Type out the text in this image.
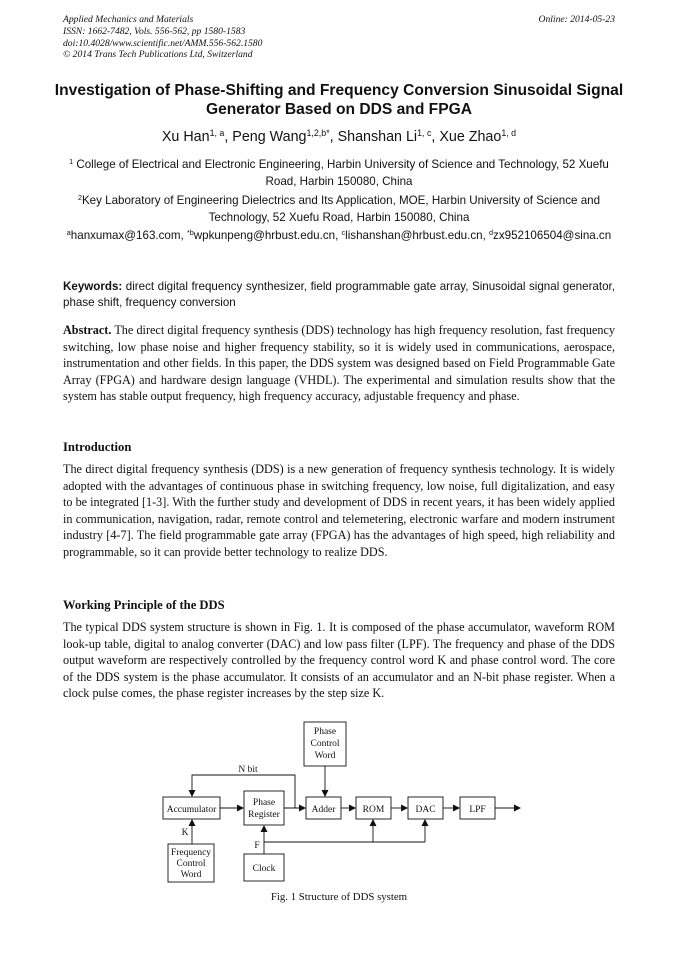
Applied Mechanics and Materials
ISSN: 1662-7482, Vols. 556-562, pp 1580-1583
doi:10.4028/www.scientific.net/AMM.556-562.1580
© 2014 Trans Tech Publications Ltd, Switzerland
Online: 2014-05-23
Investigation of Phase-Shifting and Frequency Conversion Sinusoidal Signal Generator Based on DDS and FPGA
Xu Han$^{1, a}$, Peng Wang$^{1,2,b*}$, Shanshan Li$^{1, c}$, Xue Zhao$^{1, d}$
$^1$ College of Electrical and Electronic Engineering, Harbin University of Science and Technology, 52 Xuefu Road, Harbin 150080, China
$^2$Key Laboratory of Engineering Dielectrics and Its Application, MOE, Harbin University of Science and Technology, 52 Xuefu Road, Harbin 150080, China
$^a$hanxumax@163.com, $^{*b}$wpkunpeng@hrbust.edu.cn, $^c$lishanshan@hrbust.edu.cn, $^d$zx952106504@sina.cn
Keywords: direct digital frequency synthesizer, field programmable gate array, Sinusoidal signal generator, phase shift, frequency conversion
Abstract. The direct digital frequency synthesis (DDS) technology has high frequency resolution, fast frequency switching, low phase noise and higher frequency stability, so it is widely used in communications, aerospace, instrumentation and other fields. In this paper, the DDS system was designed based on Field Programmable Gate Array (FPGA) and hardware design language (VHDL). The experimental and simulation results show that the system has stable output frequency, high frequency accuracy, adjustable frequency and phase.
Introduction
The direct digital frequency synthesis (DDS) is a new generation of frequency synthesis technology. It is widely adopted with the advantages of continuous phase in switching frequency, low noise, full digitalization, and easy to be integrated [1-3]. With the further study and development of DDS in recent years, it has been widely applied in communication, navigation, radar, remote control and telemetering, electronic warfare and modern instrument industry [4-7]. The field programmable gate array (FPGA) has the advantages of high speed, high reliability and programmable, so it can provide better technology to realize DDS.
Working Principle of the DDS
The typical DDS system structure is shown in Fig. 1. It is composed of the phase accumulator, waveform ROM look-up table, digital to analog converter (DAC) and low pass filter (LPF). The frequency and phase of the DDS output waveform are respectively controlled by the frequency control word K and phase control word. The core of the DDS system is the phase accumulator. It consists of an accumulator and an N-bit phase register. When a clock pulse comes, the phase register increases by the step size K.
Phase
Control
Word
Accumulator
Phase
Register	Adder	ROM	DAC	LPF
Frequency
Control
Word
Clock
N bit
K
F
Fig. 1 Structure of DDS system
